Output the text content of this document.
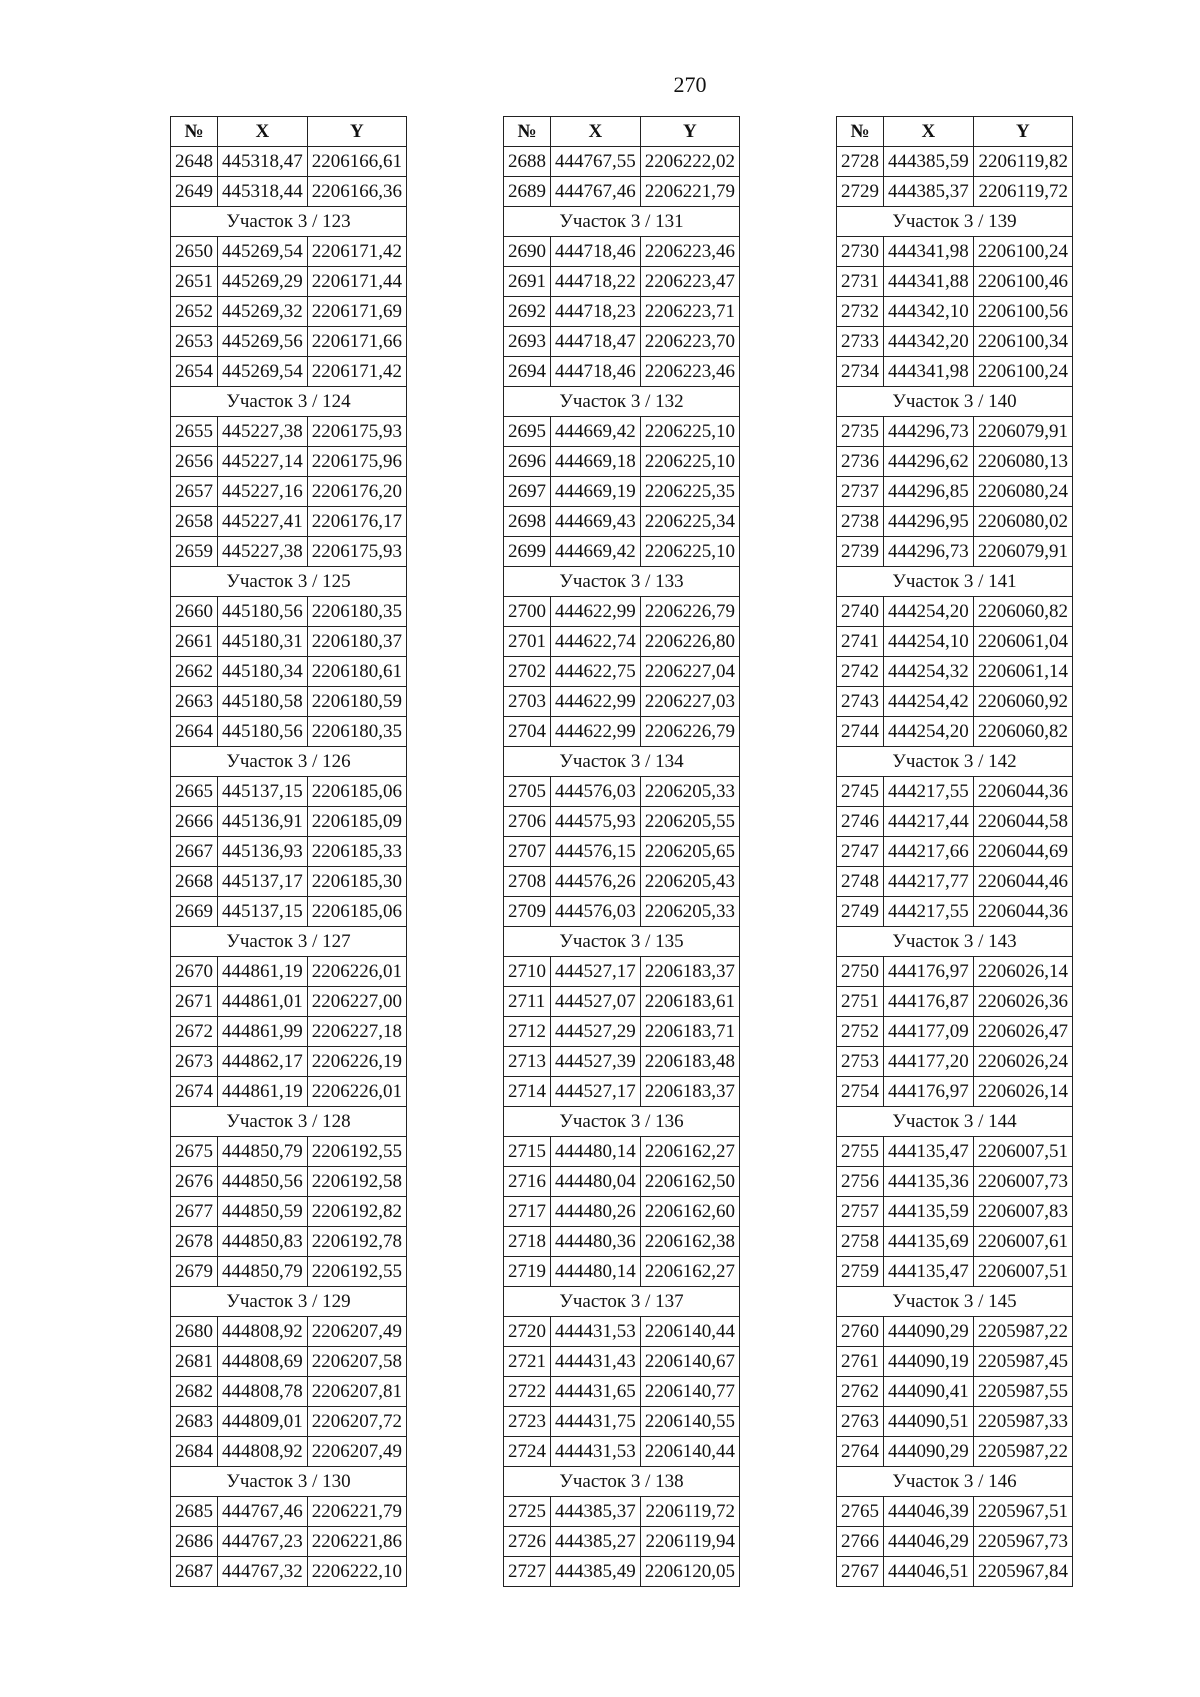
270
№	X	Y
2648	445318,47	2206166,61
2649	445318,44	2206166,36
Участок 3 / 123		
2650	445269,54	2206171,42
2651	445269,29	2206171,44
2652	445269,32	2206171,69
2653	445269,56	2206171,66
2654	445269,54	2206171,42
Участок 3 / 124		
2655	445227,38	2206175,93
2656	445227,14	2206175,96
2657	445227,16	2206176,20
2658	445227,41	2206176,17
2659	445227,38	2206175,93
Участок 3 / 125		
2660	445180,56	2206180,35
2661	445180,31	2206180,37
2662	445180,34	2206180,61
2663	445180,58	2206180,59
2664	445180,56	2206180,35
Участок 3 / 126		
2665	445137,15	2206185,06
2666	445136,91	2206185,09
2667	445136,93	2206185,33
2668	445137,17	2206185,30
2669	445137,15	2206185,06
Участок 3 / 127		
2670	444861,19	2206226,01
2671	444861,01	2206227,00
2672	444861,99	2206227,18
2673	444862,17	2206226,19
2674	444861,19	2206226,01
Участок 3 / 128		
2675	444850,79	2206192,55
2676	444850,56	2206192,58
2677	444850,59	2206192,82
2678	444850,83	2206192,78
2679	444850,79	2206192,55
Участок 3 / 129		
2680	444808,92	2206207,49
2681	444808,69	2206207,58
2682	444808,78	2206207,81
2683	444809,01	2206207,72
2684	444808,92	2206207,49
Участок 3 / 130		
2685	444767,46	2206221,79
2686	444767,23	2206221,86
2687	444767,32	2206222,10
№	X	Y
2688	444767,55	2206222,02
2689	444767,46	2206221,79
Участок 3 / 131		
2690	444718,46	2206223,46
2691	444718,22	2206223,47
2692	444718,23	2206223,71
2693	444718,47	2206223,70
2694	444718,46	2206223,46
Участок 3 / 132		
2695	444669,42	2206225,10
2696	444669,18	2206225,10
2697	444669,19	2206225,35
2698	444669,43	2206225,34
2699	444669,42	2206225,10
Участок 3 / 133		
2700	444622,99	2206226,79
2701	444622,74	2206226,80
2702	444622,75	2206227,04
2703	444622,99	2206227,03
2704	444622,99	2206226,79
Участок 3 / 134		
2705	444576,03	2206205,33
2706	444575,93	2206205,55
2707	444576,15	2206205,65
2708	444576,26	2206205,43
2709	444576,03	2206205,33
Участок 3 / 135		
2710	444527,17	2206183,37
2711	444527,07	2206183,61
2712	444527,29	2206183,71
2713	444527,39	2206183,48
2714	444527,17	2206183,37
Участок 3 / 136		
2715	444480,14	2206162,27
2716	444480,04	2206162,50
2717	444480,26	2206162,60
2718	444480,36	2206162,38
2719	444480,14	2206162,27
Участок 3 / 137		
2720	444431,53	2206140,44
2721	444431,43	2206140,67
2722	444431,65	2206140,77
2723	444431,75	2206140,55
2724	444431,53	2206140,44
Участок 3 / 138		
2725	444385,37	2206119,72
2726	444385,27	2206119,94
2727	444385,49	2206120,05
№	X	Y
2728	444385,59	2206119,82
2729	444385,37	2206119,72
Участок 3 / 139		
2730	444341,98	2206100,24
2731	444341,88	2206100,46
2732	444342,10	2206100,56
2733	444342,20	2206100,34
2734	444341,98	2206100,24
Участок 3 / 140		
2735	444296,73	2206079,91
2736	444296,62	2206080,13
2737	444296,85	2206080,24
2738	444296,95	2206080,02
2739	444296,73	2206079,91
Участок 3 / 141		
2740	444254,20	2206060,82
2741	444254,10	2206061,04
2742	444254,32	2206061,14
2743	444254,42	2206060,92
2744	444254,20	2206060,82
Участок 3 / 142		
2745	444217,55	2206044,36
2746	444217,44	2206044,58
2747	444217,66	2206044,69
2748	444217,77	2206044,46
2749	444217,55	2206044,36
Участок 3 / 143		
2750	444176,97	2206026,14
2751	444176,87	2206026,36
2752	444177,09	2206026,47
2753	444177,20	2206026,24
2754	444176,97	2206026,14
Участок 3 / 144		
2755	444135,47	2206007,51
2756	444135,36	2206007,73
2757	444135,59	2206007,83
2758	444135,69	2206007,61
2759	444135,47	2206007,51
Участок 3 / 145		
2760	444090,29	2205987,22
2761	444090,19	2205987,45
2762	444090,41	2205987,55
2763	444090,51	2205987,33
2764	444090,29	2205987,22
Участок 3 / 146		
2765	444046,39	2205967,51
2766	444046,29	2205967,73
2767	444046,51	2205967,84
